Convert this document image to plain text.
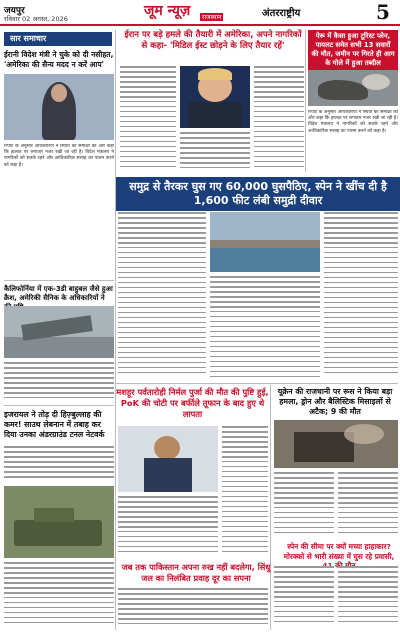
जयपुर
रविवार 02 अगस्त, 2026	जूम न्यूज़	राजस्थान	अंतरराष्ट्रीय	5
सार समाचार
ईरानी विदेश मंत्री ने चुके को दी नसीहत, 'अमेरिका की सैन्य मदद न करें आप'
रिपोर्ट के अनुसार अधिकारियों ने स्थिति की समीक्षा की और कहा कि हालात पर लगातार नजर रखी जा रही है। विदेश मंत्रालय ने नागरिकों को सतर्क रहने और आधिकारिक सलाह का पालन करने को कहा है।
कैलिफोर्निया में एक-3डी बाहुबल जैसे हुआ क्रैश, अमेरिकी सैनिक के अधिकारियों ने
इजरायल ने तोड़ दी हिज़्बुल्लाह की कमर! साउथ लेबनान में तबाह कर दिया उनका अंडरग्राउंड टनल नेटवर्क
ईरान पर बड़े हमले की तैयारी में अमेरिका, अपने नागरिकों से कहा- 'मिडिल ईस्ट छोड़ने के लिए तैयार रहें'
पेरू में कैसा हुआ टूरिस्ट प्लेन, पायलट समेत सभी 13 सवारों की मौत, जमीन पर गिरते ही आग के गोले में हुआ तब्दील
रिपोर्ट के अनुसार अधिकारियों ने स्थिति की समीक्षा की और कहा कि हालात पर लगातार नजर रखी जा रही है। विदेश मंत्रालय ने नागरिकों को सतर्क रहने और आधिकारिक सलाह का पालन करने को कहा है।
समुद्र से तैरकर घुस गए 60,000 घुसपैठिए, स्पेन ने खींच दी है 1,600 फीट लंबी समुद्री दीवार
मशहूर पर्वतारोही निर्मल पुर्जा की मौत की पुष्टि हुई, PoK की चोटी पर बर्फीले तूफान के बाद हुए थे लापता
यूक्रेन की राजधानी पर रूस ने किया बड़ा हमला, ड्रोन और बैलिस्टिक मिसाइलों से अटैक; 9 की मौत
जब तक पाकिस्तान अपना रुख नहीं बदलेगा, सिंधु जल का निलंबित प्रवाह दूर का सपना
स्पेन की सीमा पर क्यों मच्या हाहाकार? मोरक्को से भारी संख्या में घुस रहे प्रवासी,
